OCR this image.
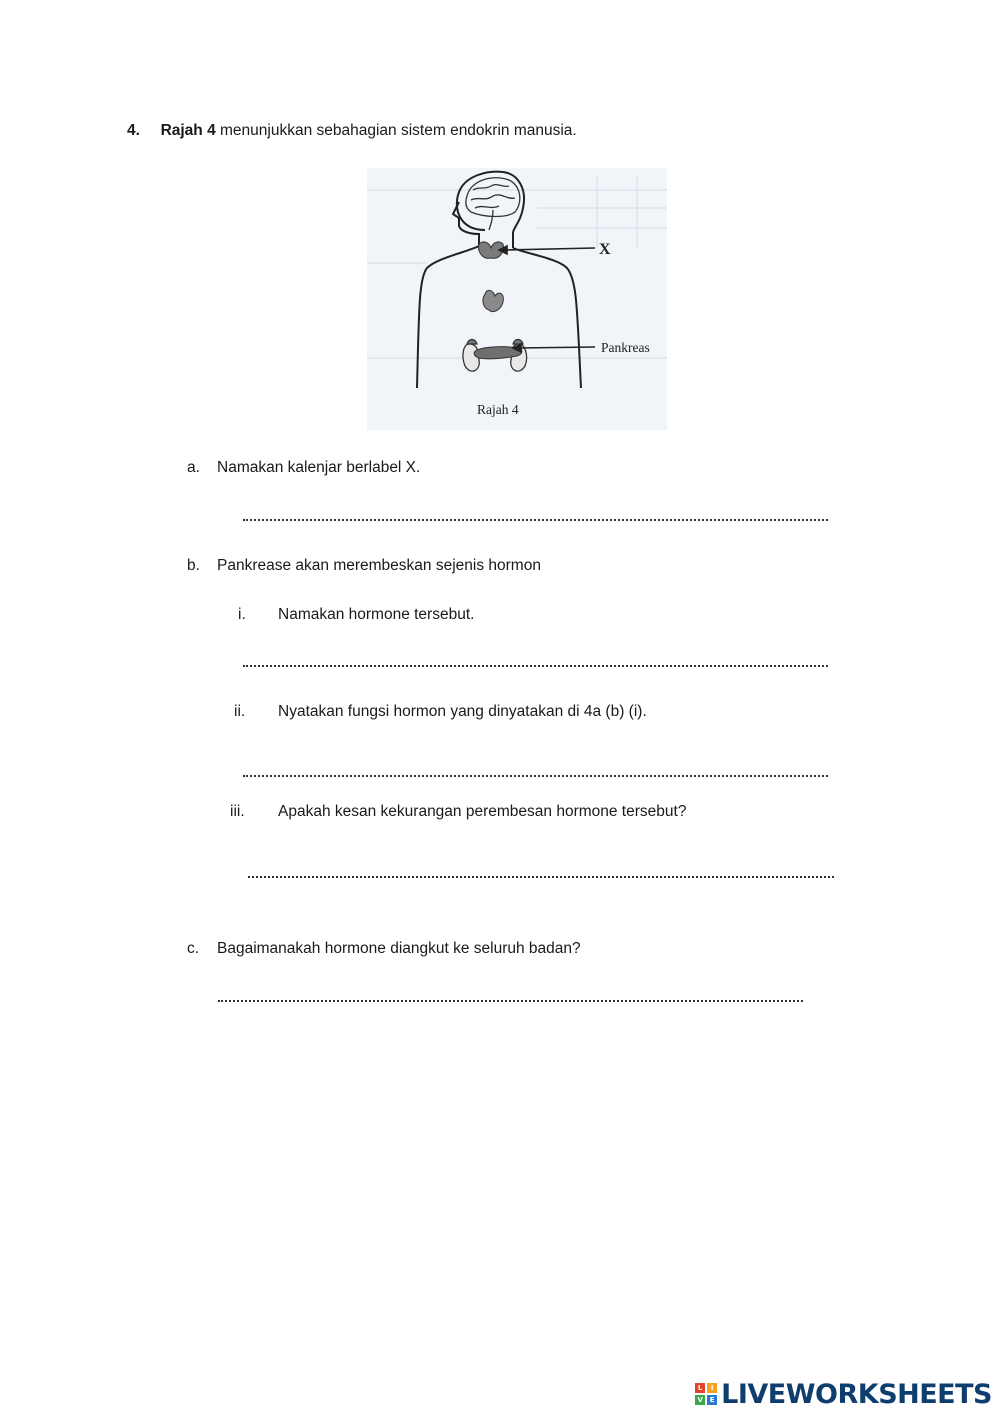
4. Rajah 4 menunjukkan sebahagian sistem endokrin manusia.
X
Pankreas
Rajah 4
a. Namakan kalenjar berlabel X.
b. Pankrease akan merembeskan sejenis hormon
i. Namakan hormone tersebut.
ii. Nyatakan fungsi hormon yang dinyatakan di 4a (b) (i).
iii. Apakah kesan kekurangan perembesan hormone tersebut?
c. Bagaimanakah hormone diangkut ke seluruh badan?
L	I
V E LIVEWORKSHEETS
